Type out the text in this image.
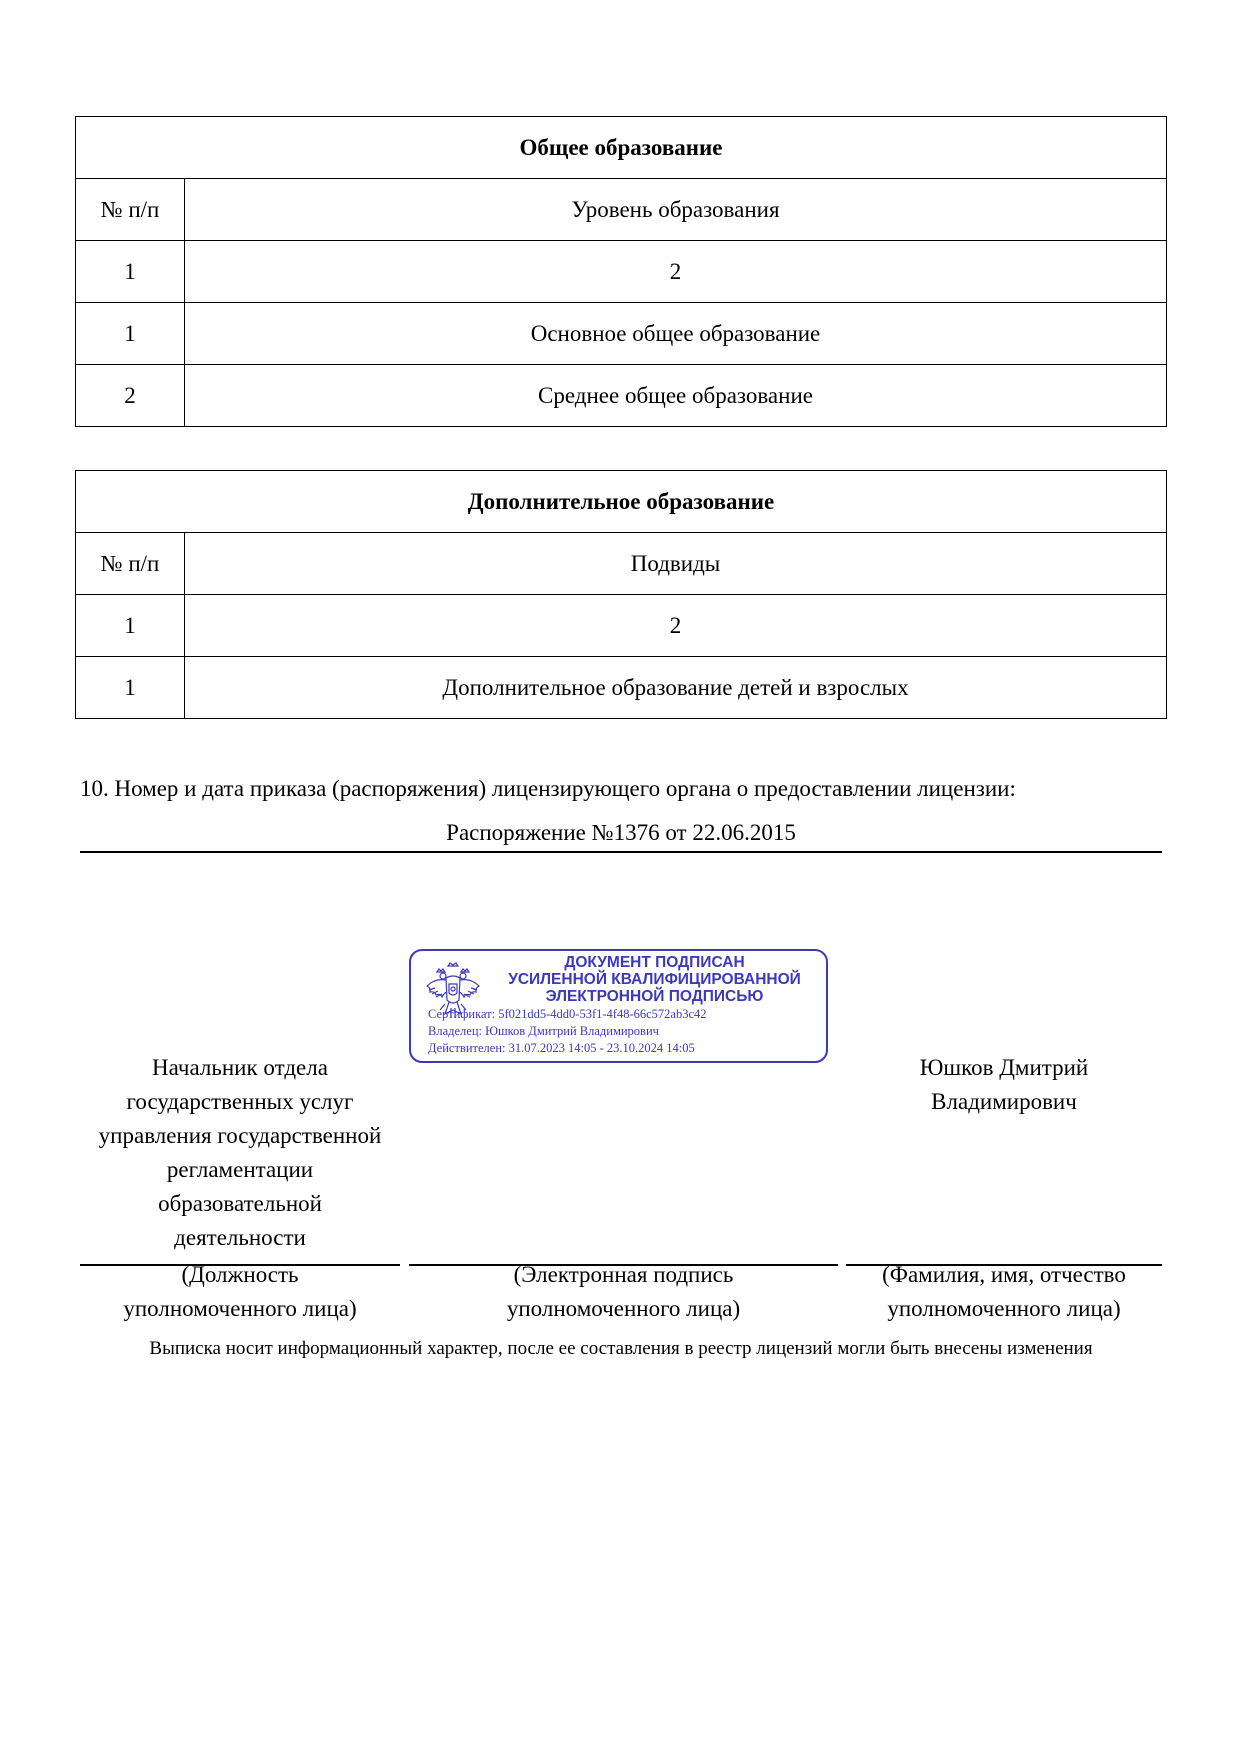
Общее образование	
№ п/п	Уровень образования
1	2
1	Основное общее образование
2	Среднее общее образование
Дополнительное образование	
№ п/п	Подвиды
1	2
1	Дополнительное образование детей и взрослых
10. Номер и дата приказа (распоряжения) лицензирующего органа о предоставлении лицензии:
Распоряжение №1376 от 22.06.2015
ДОКУМЕНТ ПОДПИСАН
УСИЛЕННОЙ КВАЛИФИЦИРОВАННОЙ
ЭЛЕКТРОННОЙ ПОДПИСЬЮ
Сертификат: 5f021dd5-4dd0-53f1-4f48-66c572ab3c42
Владелец: Юшков Дмитрий Владимирович
Действителен: 31.07.2023 14:05 - 23.10.2024 14:05
Начальник отдела
государственных услуг
управления государственной
регламентации
образовательной
деятельности
Юшков Дмитрий
Владимирович
(Должность
уполномоченного лица)
(Электронная подпись
уполномоченного лица)
(Фамилия, имя, отчество
уполномоченного лица)
Выписка носит информационный характер, после ее составления в реестр лицензий могли быть внесены изменения
